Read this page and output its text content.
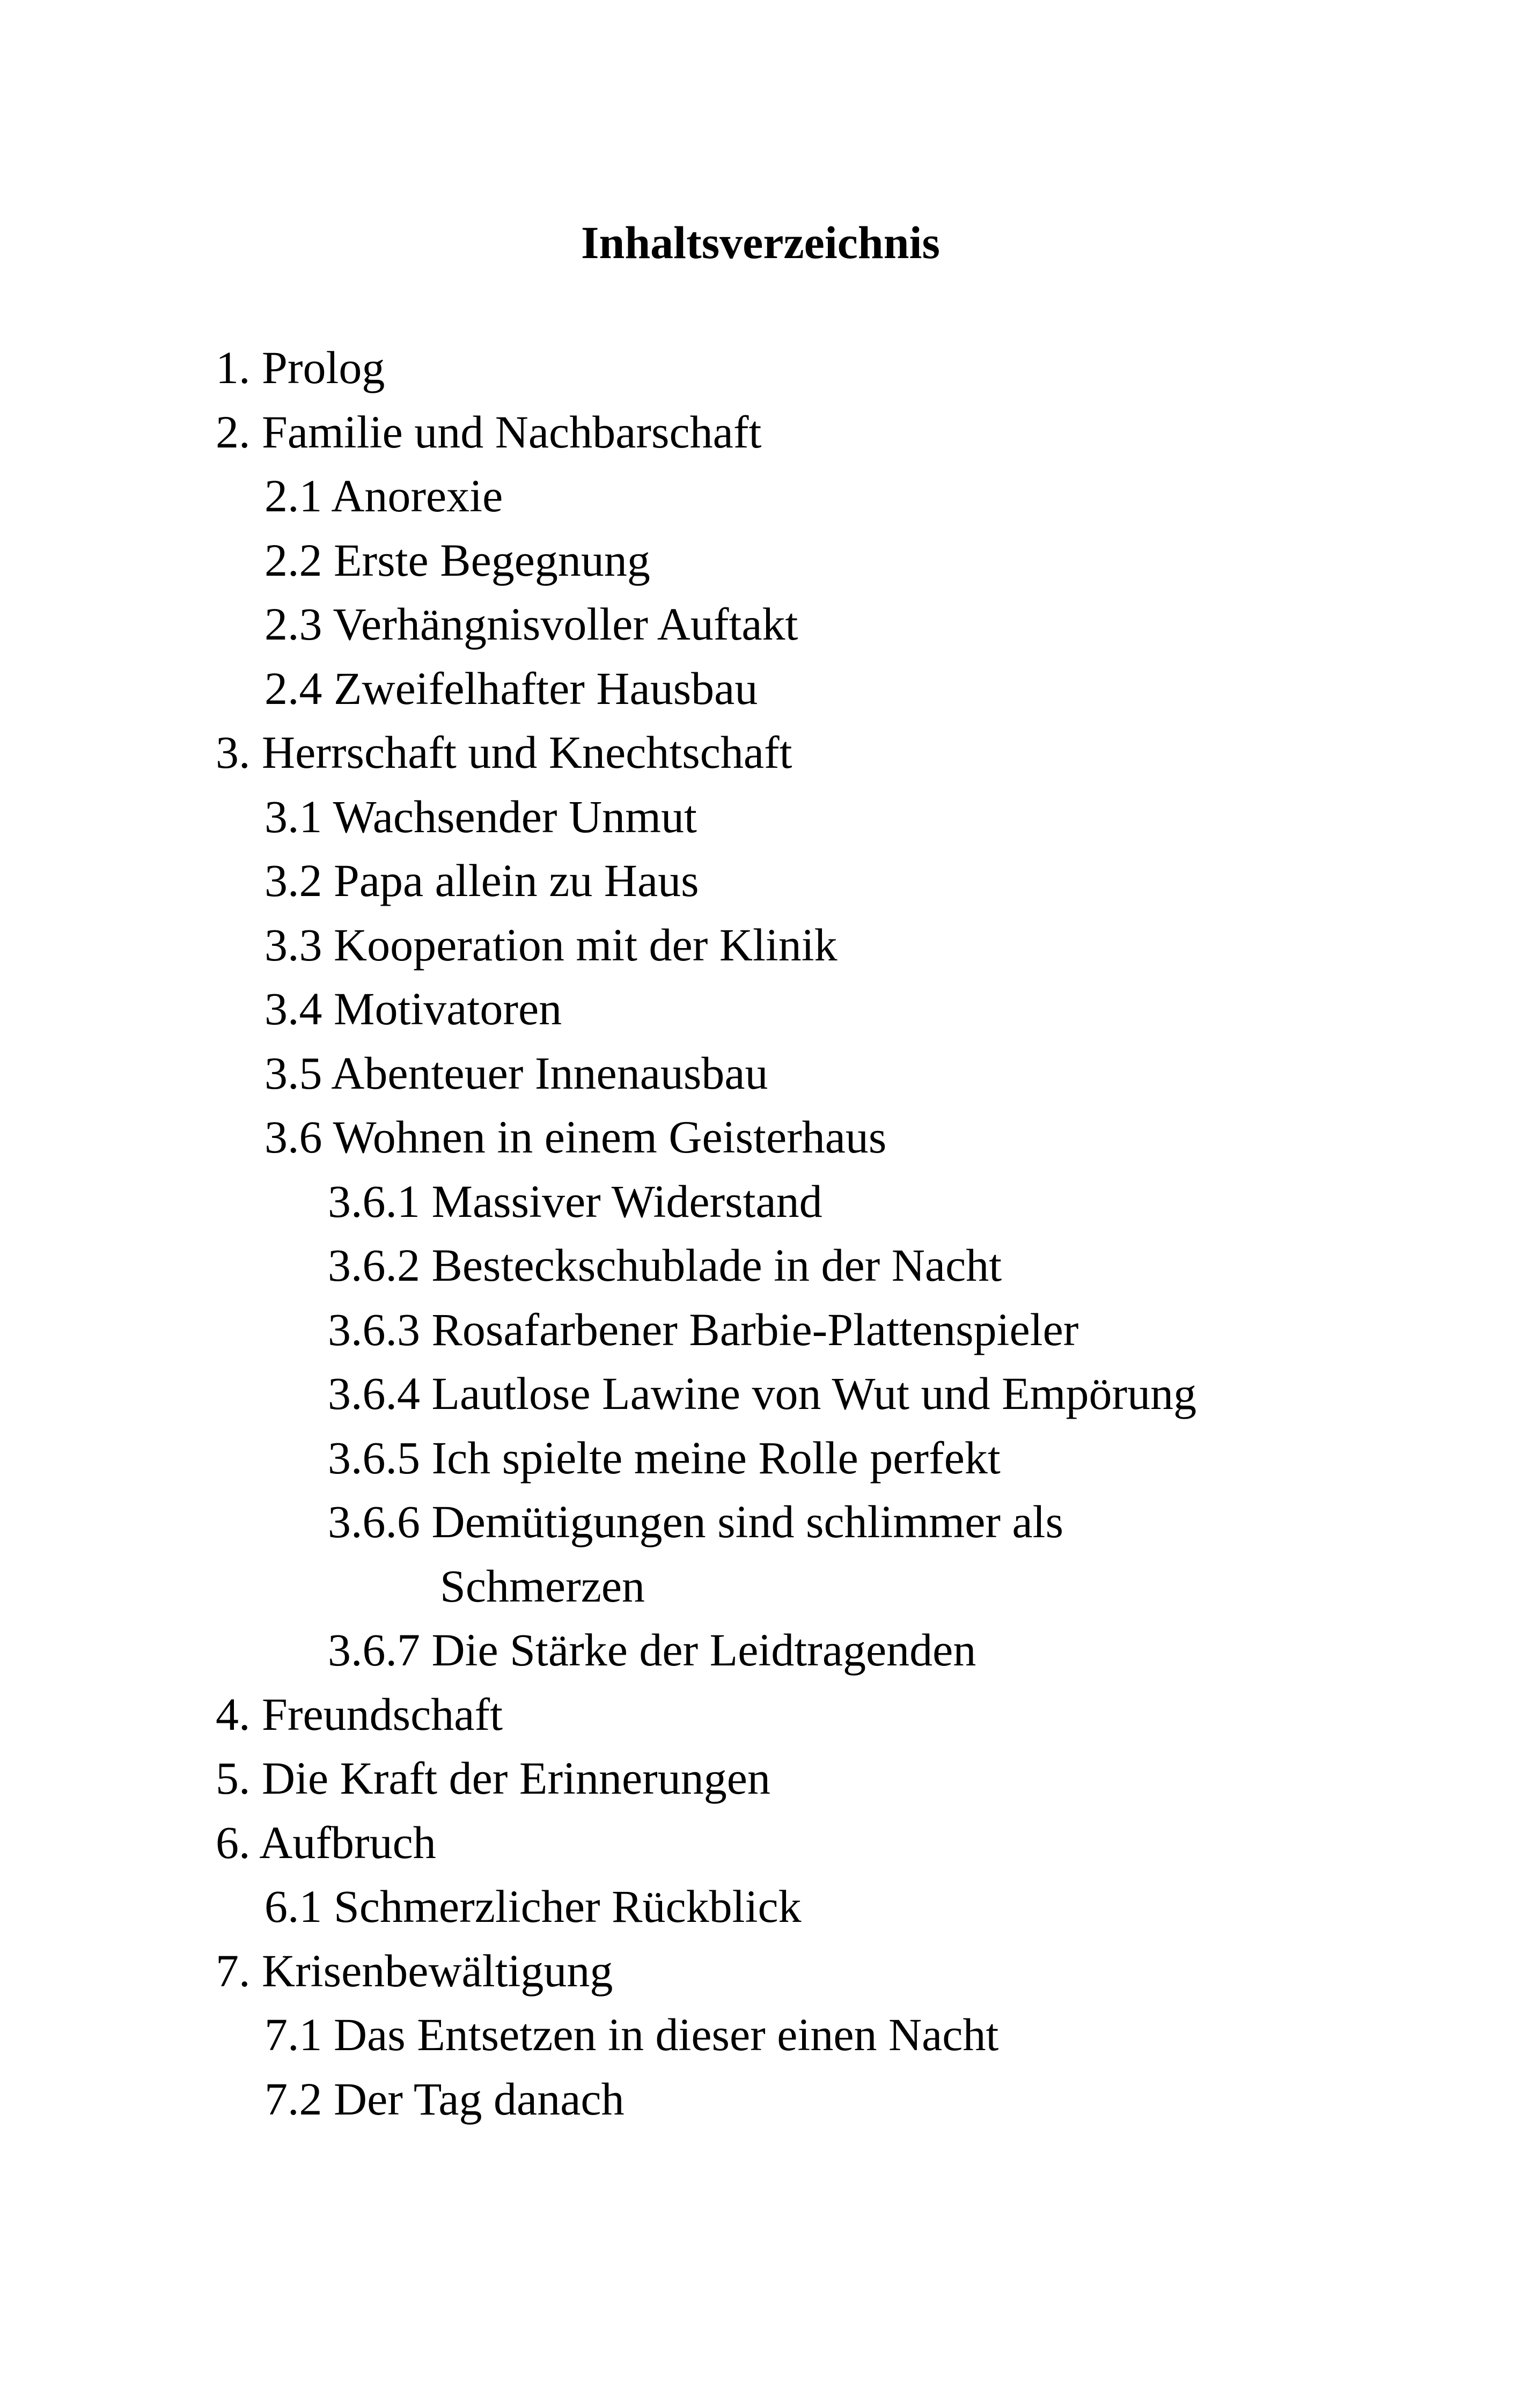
Inhaltsverzeichnis
1. Prolog
2. Familie und Nachbarschaft
2.1 Anorexie
2.2 Erste Begegnung
2.3 Verhängnisvoller Auftakt
2.4 Zweifelhafter Hausbau
3. Herrschaft und Knechtschaft
3.1 Wachsender Unmut
3.2 Papa allein zu Haus
3.3 Kooperation mit der Klinik
3.4 Motivatoren
3.5 Abenteuer Innenausbau
3.6 Wohnen in einem Geisterhaus
3.6.1 Massiver Widerstand
3.6.2 Besteckschublade in der Nacht
3.6.3 Rosafarbener Barbie-Plattenspieler
3.6.4 Lautlose Lawine von Wut und Empörung
3.6.5 Ich spielte meine Rolle perfekt
3.6.6 Demütigungen sind schlimmer als
Schmerzen
3.6.7 Die Stärke der Leidtragenden
4. Freundschaft
5. Die Kraft der Erinnerungen
6. Aufbruch
6.1 Schmerzlicher Rückblick
7. Krisenbewältigung
7.1 Das Entsetzen in dieser einen Nacht
7.2 Der Tag danach
